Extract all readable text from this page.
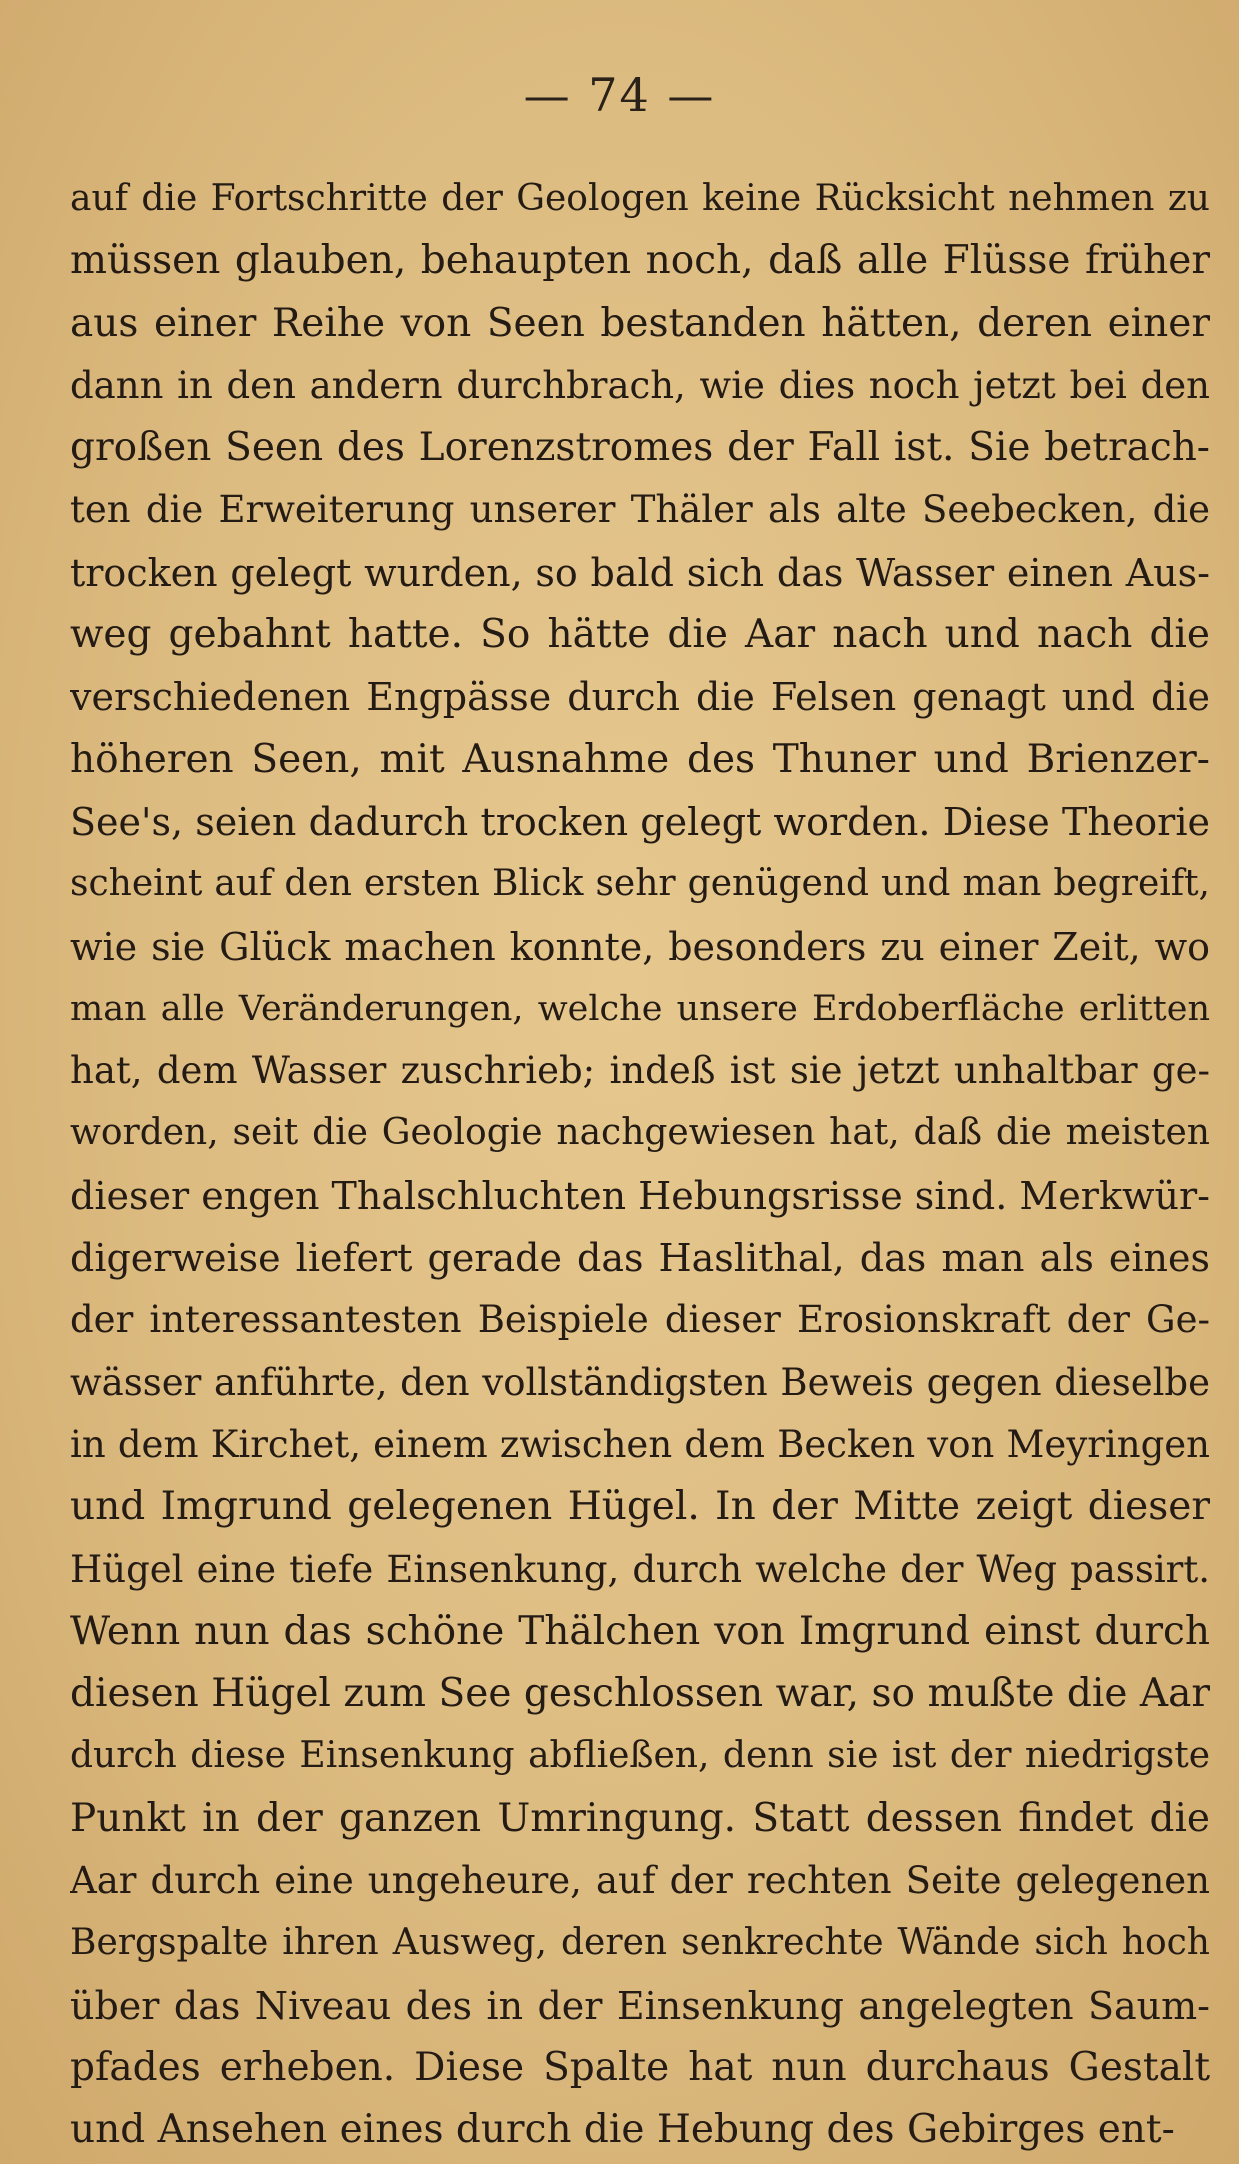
— 74 —
auf die Fortschritte der Geologen keine Rücksicht nehmen zu
müssen glauben, behaupten noch, daß alle Flüsse früher
aus einer Reihe von Seen bestanden hätten, deren einer
dann in den andern durchbrach, wie dies noch jetzt bei den
großen Seen des Lorenzstromes der Fall ist. Sie betrach-
ten die Erweiterung unserer Thäler als alte Seebecken, die
trocken gelegt wurden, so bald sich das Wasser einen Aus-
weg gebahnt hatte. So hätte die Aar nach und nach die
verschiedenen Engpässe durch die Felsen genagt und die
höheren Seen, mit Ausnahme des Thuner und Brienzer-
See's, seien dadurch trocken gelegt worden. Diese Theorie
scheint auf den ersten Blick sehr genügend und man begreift,
wie sie Glück machen konnte, besonders zu einer Zeit, wo
man alle Veränderungen, welche unsere Erdoberfläche erlitten
hat, dem Wasser zuschrieb; indeß ist sie jetzt unhaltbar ge-
worden, seit die Geologie nachgewiesen hat, daß die meisten
dieser engen Thalschluchten Hebungsrisse sind. Merkwür-
digerweise liefert gerade das Haslithal, das man als eines
der interessantesten Beispiele dieser Erosionskraft der Ge-
wässer anführte, den vollständigsten Beweis gegen dieselbe
in dem Kirchet, einem zwischen dem Becken von Meyringen
und Imgrund gelegenen Hügel. In der Mitte zeigt dieser
Hügel eine tiefe Einsenkung, durch welche der Weg passirt.
Wenn nun das schöne Thälchen von Imgrund einst durch
diesen Hügel zum See geschlossen war, so mußte die Aar
durch diese Einsenkung abfließen, denn sie ist der niedrigste
Punkt in der ganzen Umringung. Statt dessen findet die
Aar durch eine ungeheure, auf der rechten Seite gelegenen
Bergspalte ihren Ausweg, deren senkrechte Wände sich hoch
über das Niveau des in der Einsenkung angelegten Saum-
pfades erheben. Diese Spalte hat nun durchaus Gestalt
und Ansehen eines durch die Hebung des Gebirges ent-
